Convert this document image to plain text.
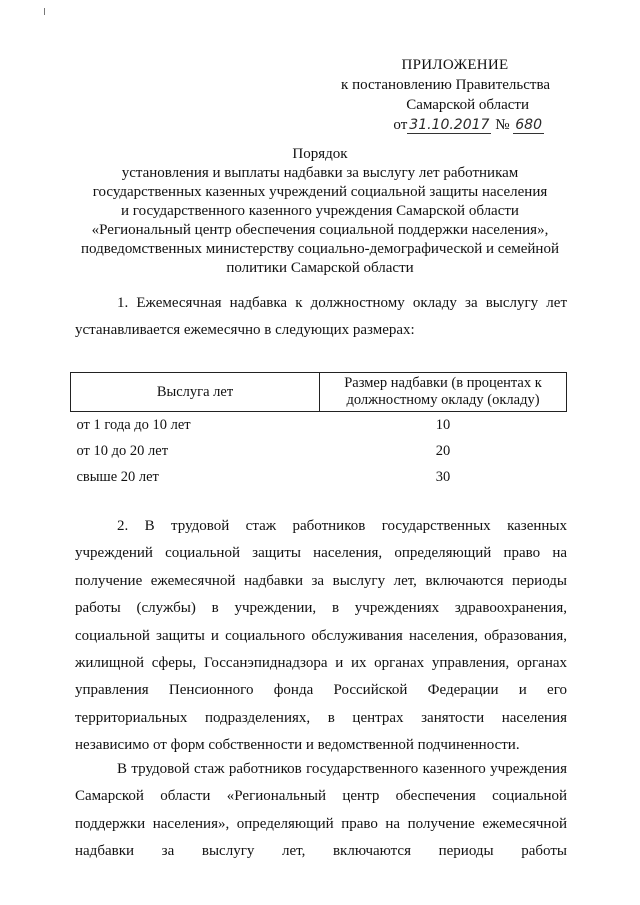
ПРИЛОЖЕНИЕ
к постановлению Правительства
Самарской области
от 31.10.2017 № 680
Порядок
установления и выплаты надбавки за выслугу лет работникам
государственных казенных учреждений социальной защиты населения
и государственного казенного учреждения Самарской области
«Региональный центр обеспечения социальной поддержки населения»,
подведомственных министерству социально-демографической и семейной
политики Самарской области
1. Ежемесячная надбавка к должностному окладу за выслугу лет устанавливается ежемесячно в следующих размерах:
Выслуга лет	Размер надбавки (в процентах к должностному окладу (окладу)
от 1 года до 10 лет	10
от 10 до 20 лет	20
свыше 20 лет	30
2. В трудовой стаж работников государственных казенных учреждений социальной защиты населения, определяющий право на получение ежемесячной надбавки за выслугу лет, включаются периоды работы (службы) в учреждении, в учреждениях здравоохранения, социальной защиты и социального обслуживания населения, образования, жилищной сферы, Госсанэпиднадзора и их органах управления, органах управления Пенсионного фонда Российской Федерации и его территориальных подразделениях, в центрах занятости населения независимо от форм собственности и ведомственной подчиненности.
В трудовой стаж работников государственного казенного учреждения Самарской области «Региональный центр обеспечения социальной поддержки населения», определяющий право на получение ежемесячной надбавки за выслугу лет, включаются периоды работы
